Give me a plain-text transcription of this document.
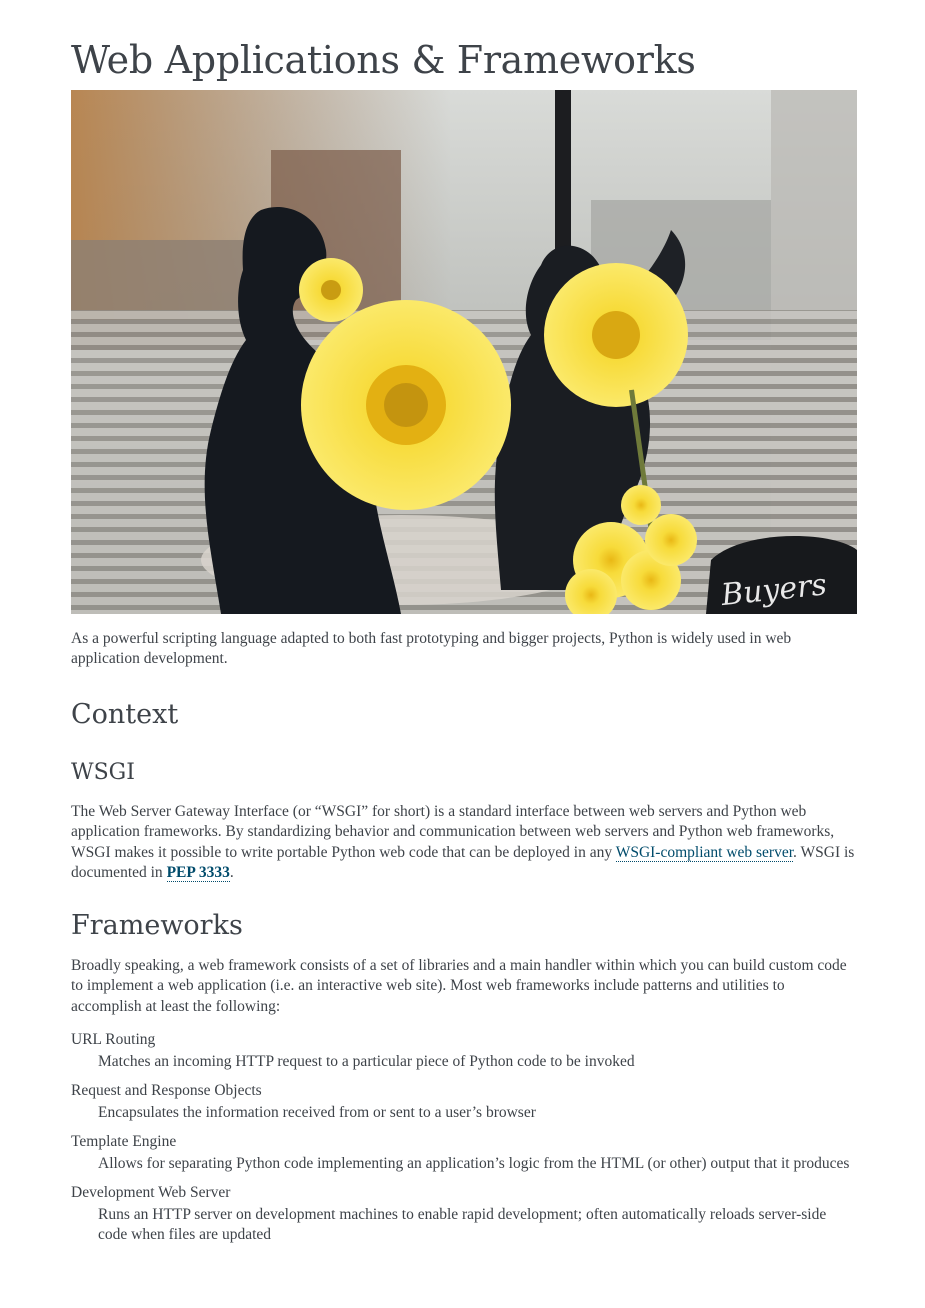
Web Applications & Frameworks
Buyers

As a powerful scripting language adapted to both fast prototyping and bigger projects, Python is widely used in web application development.

Context
WSGI

The Web Server Gateway Interface (or “WSGI” for short) is a standard interface between web servers and Python web application frameworks. By standardizing behavior and communication between web servers and Python web frameworks, WSGI makes it possible to write portable Python web code that can be deployed in any WSGI-compliant web server. WSGI is documented in PEP 3333.

Frameworks

Broadly speaking, a web framework consists of a set of libraries and a main handler within which you can build custom code to implement a web application (i.e. an interactive web site). Most web frameworks include patterns and utilities to accomplish at least the following:

URL Routing
Matches an incoming HTTP request to a particular piece of Python code to be invoked
Request and Response Objects
Encapsulates the information received from or sent to a user’s browser
Template Engine
Allows for separating Python code implementing an application’s logic from the HTML (or other) output that it produces
Development Web Server
Runs an HTTP server on development machines to enable rapid development; often automatically reloads server-side code when files are updated
